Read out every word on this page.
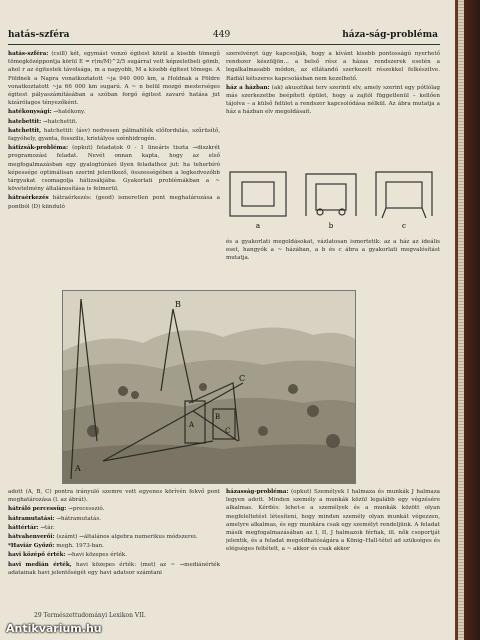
hatás-szféra	449	háza-ság-probléma

hatás-szféra: (csill) két, egymást vonzó égitest közül a kisebb tömegű tömegközéppontja körül E = r(m/M)^2/5 sugárral vett képzeletbeli gömb, ahol r az égitestek távolsága, m a nagyobb, M a kisebb égitest tömege. A Földnek a Napra vonatkoztatott ~ja 940 000 km, a Holdnak a Földre vonatkoztatott ~ja 66 000 km sugarú. A ~ n belül mozgó mesterséges égitest pályaszámításában a szóban forgó égitest zavaró hatása jut kizárólagos tényezőként.

hatékonysági: →hatékony.

hatebettit: →hatchettit.

hatchettit, hatchettit: (ásv) nedvesen pálmafélék előfordulás, szűrüsítő, fagyóhely, gyanta, fosszilis, kristályos szénhidrogén.

hátizsák-probléma: (opkut) feladatok 0 - 1 lineáris tiszta →diszkrét programozási feladat. Nevét onnan kapta, hogy az első megfogalmazásban egy gyalogtúrázó ilyen feladathoz jut: ha teherbíró képessége optimálisan szerint jelentkező, összességében a legkedvezőbb tárgyakat csomagolja hátizsákjába. Gyakorlati problémákban a ~ követelmény általánosítása is felmerül.

hátraérkezés hátraérkezés: (geod) ismeretlen pont meghatározása a pontból (D) kiinduló

szerelvényt úgy kapcsolják, hogy a kívánt kisebb pontosságú nyerhető rendszer készüljön... a belső rész a házas rendszerek esetén a legalkalmasabb módon, az ellátandó szerkezeti részekkel felkészítve. Rádiál kétszeres kapcsolásban nem kezelhető.

ház a házban: (ak) akusztikai terv szerinti elv, amely szerint egy pótlólag más szerkezetbe beépített épület, hogy a zajtól függetlenül – kellően tájolva – a külső felület a rendszer kapcsolódása nélkül. Az ábra mutatja a ház a házban elv megoldásait.

a	b	c

és a gyakorlati megoldásokat, vázlatosan ismertetik: az a ház az ideális eset, hangyók a ~ házában, a b és c ábra a gyakorlati megvalósítást mutatja.

A
B
C
A
B
C

adott (A, B, C) pontra irányuló szemre vett egyenes körívén fekvő pont meghatározása (l. az ábrát).

hátráló percessüg: →precesszió.

hátramutatási: →hátramutatás.

háttértár: →tár.

hátvahenverői: (számt) →általános algebra numerikus módszerei.

*Haviár Győző: megh. 1973-ban.

havi középő érték: →havi közepes érték.

havi medián érték, havi közepes érték: (met) az ~ →mediánérték adatainak havi jelentőségét egy havi adatsor számtani

házasság-probléma: (opkut) Személyek I halmaza és munkák J halmaza legyen adott. Minden személy a munkák közül legalább egy végzésére alkalmas. Kérdés: lehet-e a személyek és a munkák között olyan megfeleltetést létesíteni, hogy minden személy olyan munkát végezzen, amelyre alkalmas, és egy munkára csak egy személyt rendeljünk. A feladat másik megfogalmazásában az I, II, J halmazok férfiak, ill. nők csoportját jelentik, és a feladat megoldhatóságára a König–Hall-tétel ad szükséges és elégséges feltételt, a ~ akkor és csak akkor

29 Természettudományi Lexikon VII.
Antikvarium.hu
